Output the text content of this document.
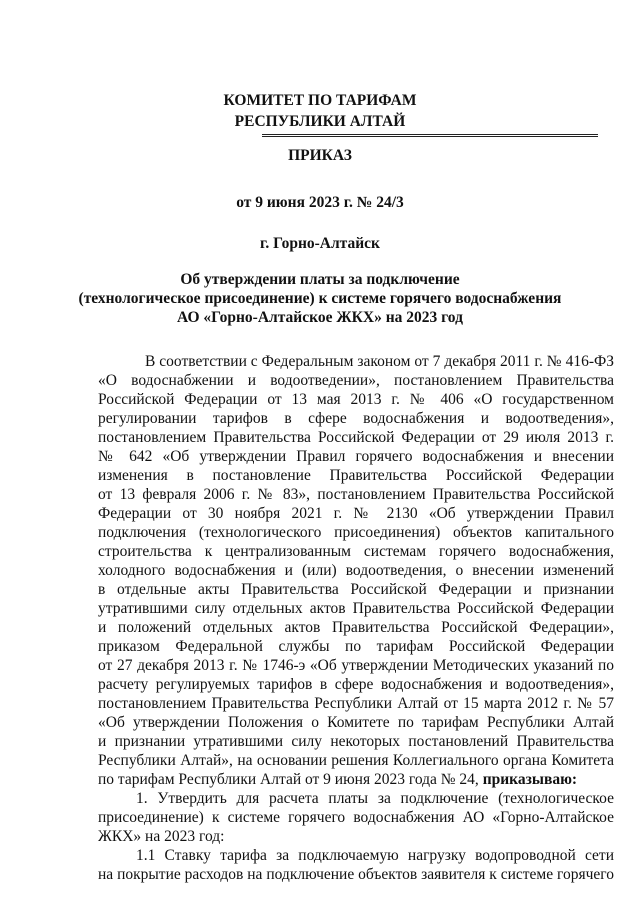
КОМИТЕТ ПО ТАРИФАМ
РЕСПУБЛИКИ АЛТАЙ
ПРИКАЗ
от 9 июня 2023 г. № 24/3
г. Горно-Алтайск
Об утверждении платы за подключение
(технологическое присоединение) к системе горячего водоснабжения
АО «Горно-Алтайское ЖКХ» на 2023 год
В соответствии с Федеральным законом от 7 декабря 2011 г. № 416-ФЗ
«О водоснабжении и водоотведении», постановлением Правительства
Российской Федерации от 13 мая 2013 г. № 406 «О государственном
регулировании тарифов в сфере водоснабжения и водоотведения»,
постановлением Правительства Российской Федерации от 29 июля 2013 г.
№ 642 «Об утверждении Правил горячего водоснабжения и внесении
изменения в постановление Правительства Российской Федерации
от 13 февраля 2006 г. № 83», постановлением Правительства Российской
Федерации от 30 ноября 2021 г. № 2130 «Об утверждении Правил
подключения (технологического присоединения) объектов капитального
строительства к централизованным системам горячего водоснабжения,
холодного водоснабжения и (или) водоотведения, о внесении изменений
в отдельные акты Правительства Российской Федерации и признании
утратившими силу отдельных актов Правительства Российской Федерации
и положений отдельных актов Правительства Российской Федерации»,
приказом Федеральной службы по тарифам Российской Федерации
от 27 декабря 2013 г. № 1746-э «Об утверждении Методических указаний по
расчету регулируемых тарифов в сфере водоснабжения и водоотведения»,
постановлением Правительства Республики Алтай от 15 марта 2012 г. № 57
«Об утверждении Положения о Комитете по тарифам Республики Алтай
и признании утратившими силу некоторых постановлений Правительства
Республики Алтай», на основании решения Коллегиального органа Комитета
по тарифам Республики Алтай от 9 июня 2023 года № 24, приказываю:
1. Утвердить для расчета платы за подключение (технологическое
присоединение) к системе горячего водоснабжения АО «Горно-Алтайское
ЖКХ» на 2023 год:
1.1 Ставку тарифа за подключаемую нагрузку водопроводной сети
на покрытие расходов на подключение объектов заявителя к системе горячего
